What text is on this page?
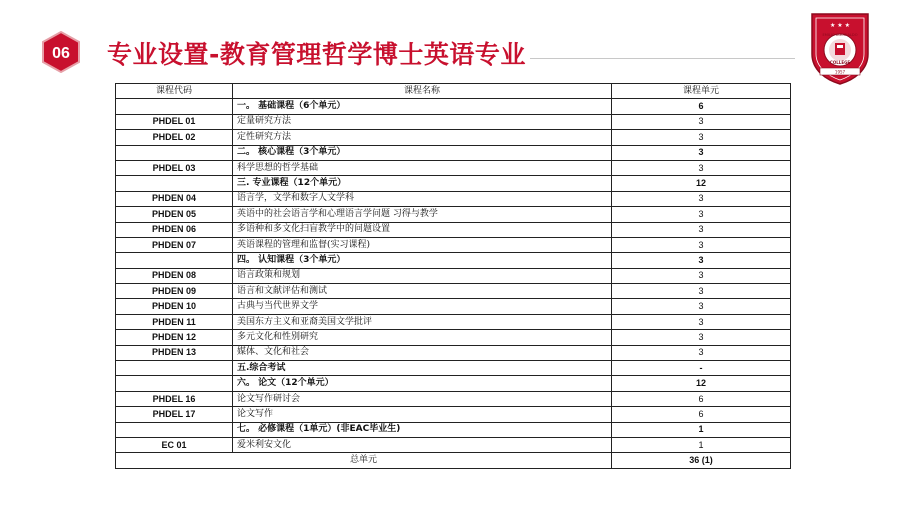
06 专业设置-教育管理哲学博士英语专业
★ ★ ★
EMILIO AGUINALDO
COLLEGE
1957
课程代码	课程名称	课程单元
	一。 基础课程（6个单元）	6
PHDEL 01	定量研究方法	3
PHDEL 02	定性研究方法	3
	二。 核心课程（3个单元）	3
PHDEL 03	科学思想的哲学基础	3
	三. 专业课程（12个单元）	12
PHDEN 04	语言学，文学和数字人文学科	3
PHDEN 05	英语中的社会语言学和心理语言学问题 习得与教学	3
PHDEN 06	多语种和多文化扫盲教学中的问题设置	3
PHDEN 07	英语课程的管理和监督(实习课程)	3
	四。 认知课程（3个单元）	3
PHDEN 08	语言政策和规划	3
PHDEN 09	语言和文献评估和测试	3
PHDEN 10	古典与当代世界文学	3
PHDEN 11	美国东方主义和亚裔美国文学批评	3
PHDEN 12	多元文化和性别研究	3
PHDEN 13	媒体、文化和社会	3
	五.综合考试	-
	六。 论文（12个单元）	12
PHDEL 16	论文写作研讨会	6
PHDEL 17	论文写作	6
	七。 必修课程（1单元）(非EAC毕业生)	1
EC 01	爱米利安文化	1
总单元		36 (1)
